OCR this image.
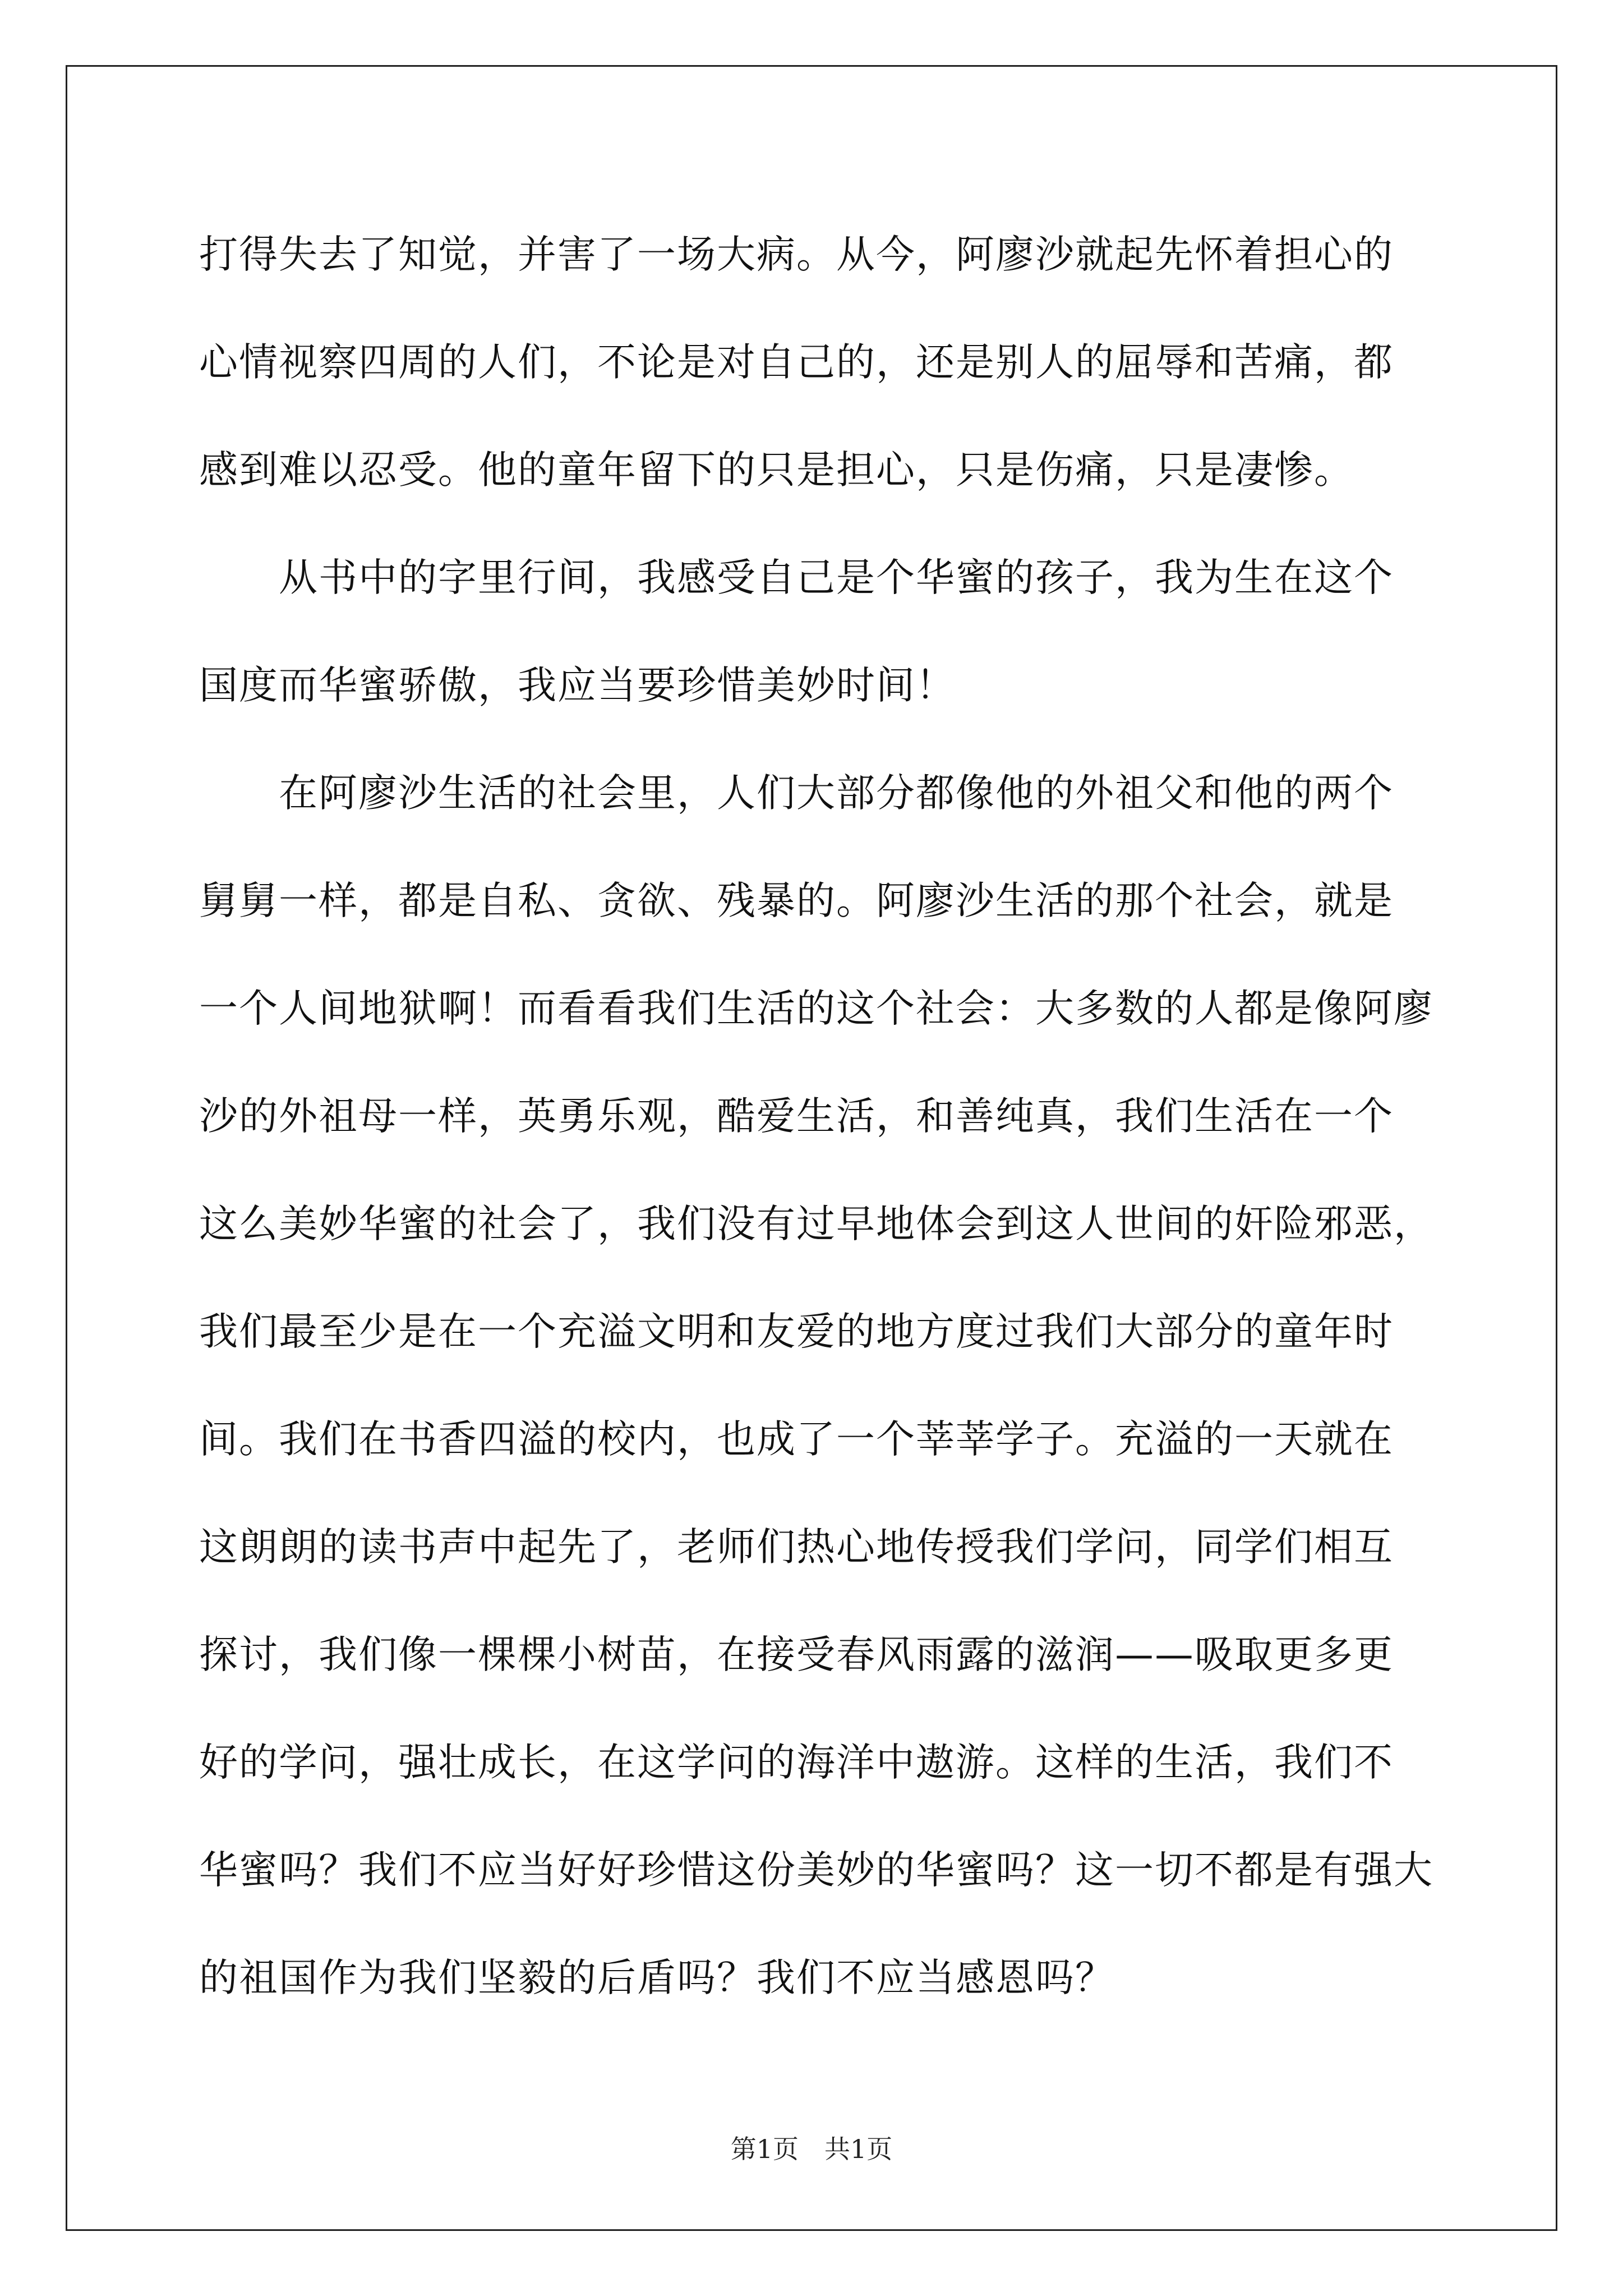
打得失去了知觉，并害了一场大病。从今，阿廖沙就起先怀着担心的
心情视察四周的人们，不论是对自己的，还是别人的屈辱和苦痛，都
感到难以忍受。他的童年留下的只是担心，只是伤痛，只是凄惨。
　　从书中的字里行间，我感受自己是个华蜜的孩子，我为生在这个
国度而华蜜骄傲，我应当要珍惜美妙时间！
　　在阿廖沙生活的社会里，人们大部分都像他的外祖父和他的两个
舅舅一样，都是自私、贪欲、残暴的。阿廖沙生活的那个社会，就是
一个人间地狱啊！而看看我们生活的这个社会：大多数的人都是像阿廖
沙的外祖母一样，英勇乐观，酷爱生活，和善纯真，我们生活在一个
这么美妙华蜜的社会了，我们没有过早地体会到这人世间的奸险邪恶，
我们最至少是在一个充溢文明和友爱的地方度过我们大部分的童年时
间。我们在书香四溢的校内，也成了一个莘莘学子。充溢的一天就在
这朗朗的读书声中起先了，老师们热心地传授我们学问，同学们相互
探讨，我们像一棵棵小树苗，在接受春风雨露的滋润——吸取更多更
好的学问，强壮成长，在这学问的海洋中遨游。这样的生活，我们不
华蜜吗？我们不应当好好珍惜这份美妙的华蜜吗？这一切不都是有强大
的祖国作为我们坚毅的后盾吗？我们不应当感恩吗？
第1页　共1页
